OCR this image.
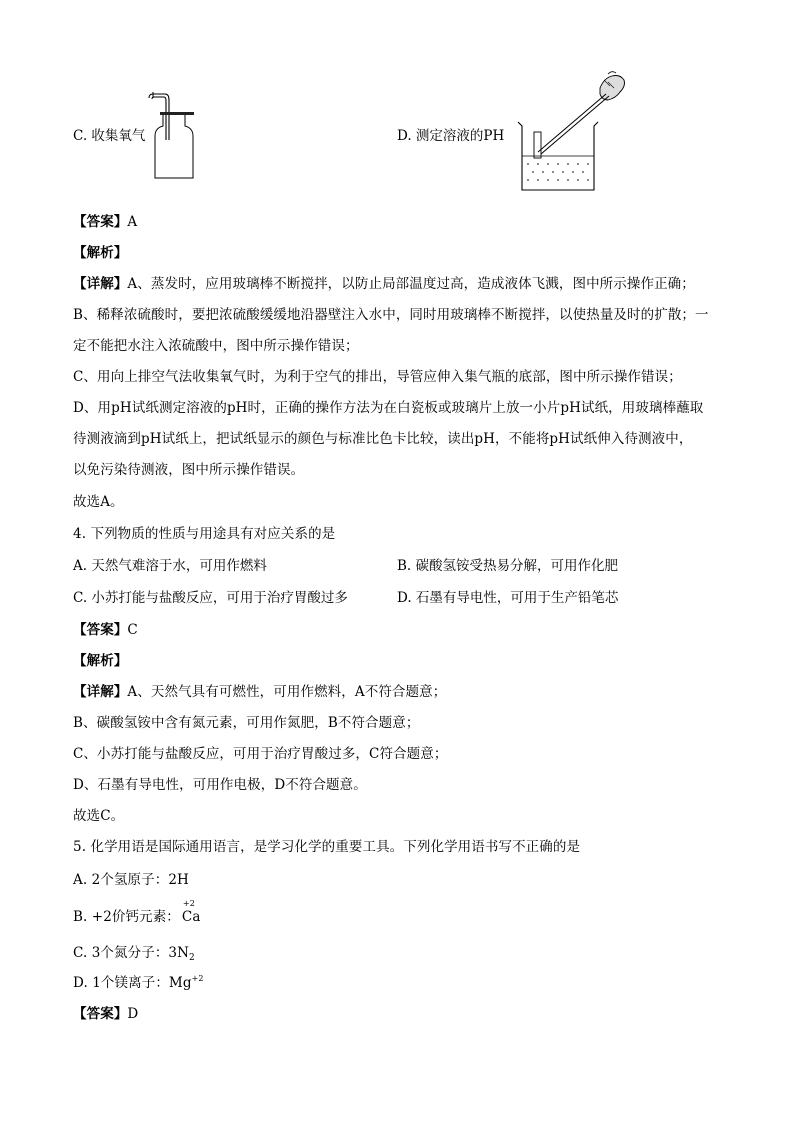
C. 收集氧气	D. 测定溶液的PH
【答案】A
【解析】
【详解】A、蒸发时，应用玻璃棒不断搅拌，以防止局部温度过高，造成液体飞溅，图中所示操作正确；
B、稀释浓硫酸时，要把浓硫酸缓缓地沿器壁注入水中，同时用玻璃棒不断搅拌，以使热量及时的扩散；一
定不能把水注入浓硫酸中，图中所示操作错误；
C、用向上排空气法收集氧气时，为利于空气的排出，导管应伸入集气瓶的底部，图中所示操作错误；
D、用pH试纸测定溶液的pH时，正确的操作方法为在白瓷板或玻璃片上放一小片pH试纸，用玻璃棒蘸取
待测液滴到pH试纸上，把试纸显示的颜色与标准比色卡比较，读出pH，不能将pH试纸伸入待测液中，
以免污染待测液，图中所示操作错误。
故选A。
4. 下列物质的性质与用途具有对应关系的是
A. 天然气难溶于水，可用作燃料	B. 碳酸氢铵受热易分解，可用作化肥
C. 小苏打能与盐酸反应，可用于治疗胃酸过多	D. 石墨有导电性，可用于生产铅笔芯
【答案】C
【解析】
【详解】A、天然气具有可燃性，可用作燃料，A不符合题意；
B、碳酸氢铵中含有氮元素，可用作氮肥，B不符合题意；
C、小苏打能与盐酸反应，可用于治疗胃酸过多，C符合题意；
D、石墨有导电性，可用作电极，D不符合题意。
故选C。
5. 化学用语是国际通用语言，是学习化学的重要工具。下列化学用语书写不正确的是
A. 2个氢原子：2H
B. +2价钙元素：
+2
Ca
C. 3个氮分子：$3N_2$
D. 1个镁离子：$Mg^{+2}$
【答案】D
